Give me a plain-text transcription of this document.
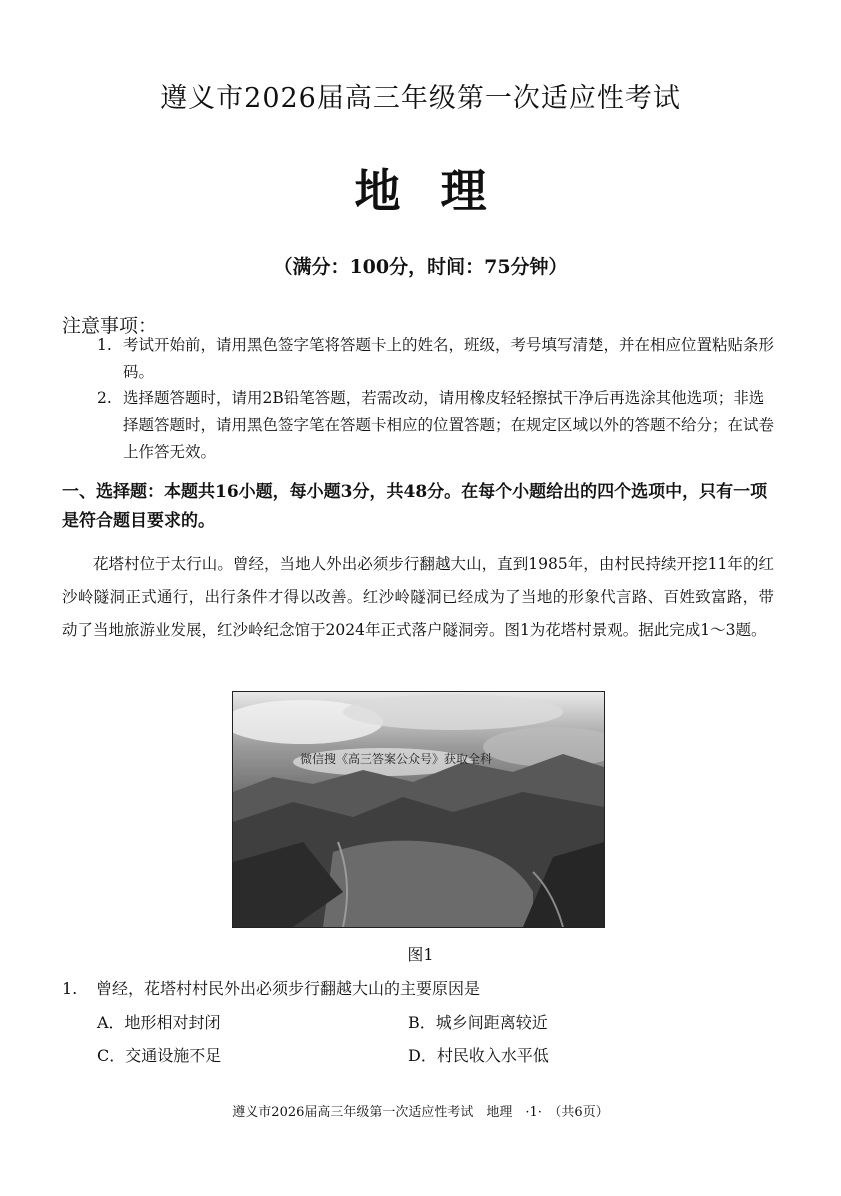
遵义市2026届高三年级第一次适应性考试
地理
（满分：100分，时间：75分钟）
注意事项：
1. 考试开始前，请用黑色签字笔将答题卡上的姓名，班级，考号填写清楚，并在相应位置粘贴条形码。
2. 选择题答题时，请用2B铅笔答题，若需改动，请用橡皮轻轻擦拭干净后再选涂其他选项；非选择题答题时，请用黑色签字笔在答题卡相应的位置答题；在规定区域以外的答题不给分；在试卷上作答无效。
一、选择题：本题共16小题，每小题3分，共48分。在每个小题给出的四个选项中，只有一项是符合题目要求的。
花塔村位于太行山。曾经，当地人外出必须步行翻越大山，直到1985年，由村民持续开挖11年的红沙岭隧洞正式通行，出行条件才得以改善。红沙岭隧洞已经成为了当地的形象代言路、百姓致富路，带动了当地旅游业发展，红沙岭纪念馆于2024年正式落户隧洞旁。图1为花塔村景观。据此完成1～3题。
微信搜《高三答案公众号》获取全科
图1
1. 曾经，花塔村村民外出必须步行翻越大山的主要原因是
A．地形相对封闭	B．城乡间距离较近
C．交通设施不足	D．村民收入水平低
遵义市2026届高三年级第一次适应性考试　地理　·1·　（共6页）
